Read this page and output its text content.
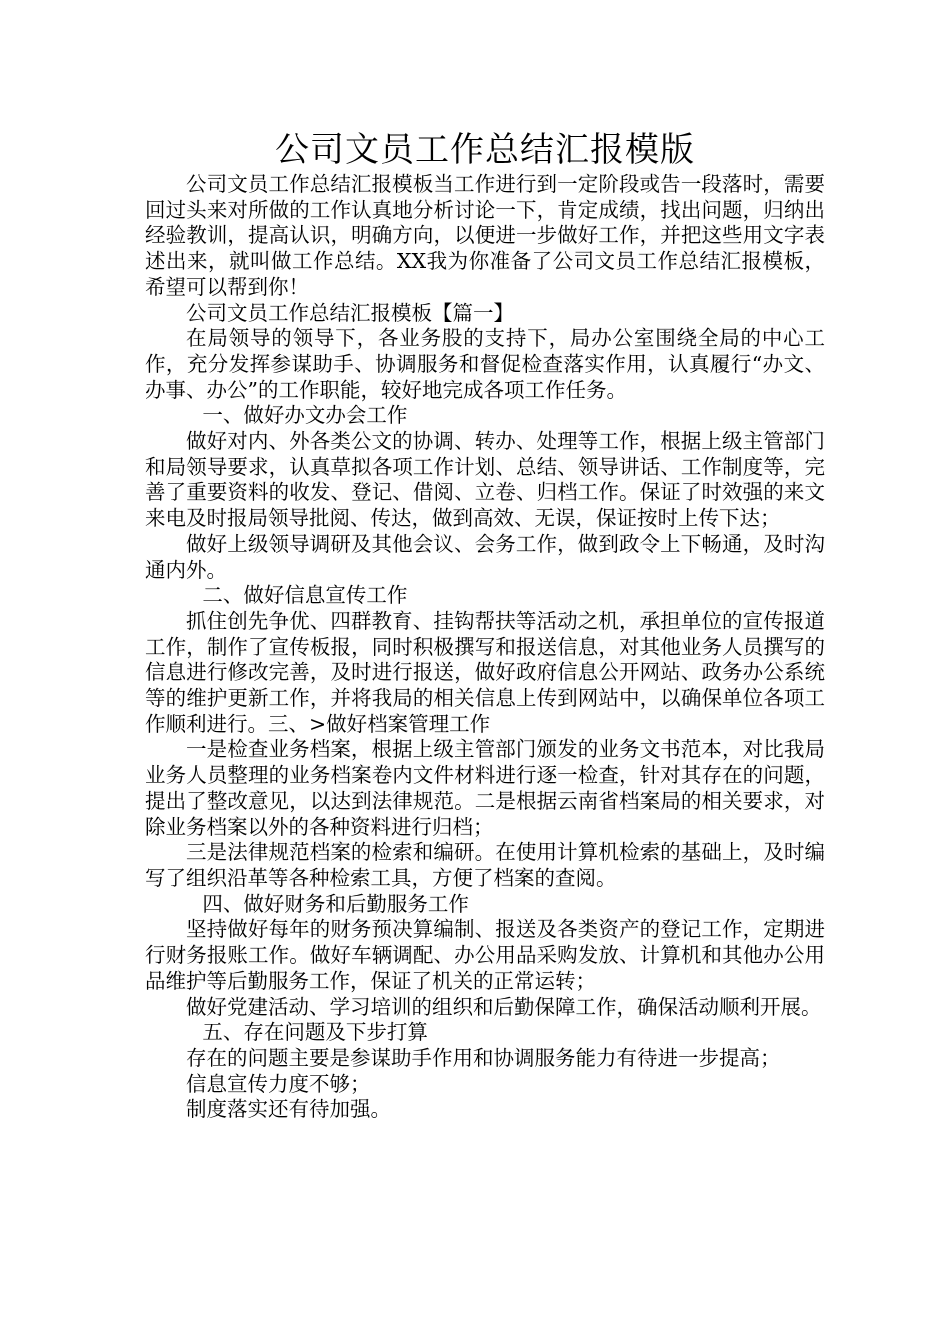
公司文员工作总结汇报模版

公司文员工作总结汇报模板当工作进行到一定阶段或告一段落时，需要回过头来对所做的工作认真地分析讨论一下，肯定成绩，找出问题，归纳出经验教训，提高认识，明确方向，以便进一步做好工作，并把这些用文字表述出来，就叫做工作总结。XX我为你准备了公司文员工作总结汇报模板，希望可以帮到你！

公司文员工作总结汇报模板【篇一】

在局领导的领导下，各业务股的支持下，局办公室围绕全局的中心工作，充分发挥参谋助手、协调服务和督促检查落实作用，认真履行“办文、办事、办公”的工作职能，较好地完成各项工作任务。

一、做好办文办会工作

做好对内、外各类公文的协调、转办、处理等工作，根据上级主管部门和局领导要求，认真草拟各项工作计划、总结、领导讲话、工作制度等，完善了重要资料的收发、登记、借阅、立卷、归档工作。保证了时效强的来文来电及时报局领导批阅、传达，做到高效、无误，保证按时上传下达；

做好上级领导调研及其他会议、会务工作，做到政令上下畅通，及时沟通内外。

二、做好信息宣传工作

抓住创先争优、四群教育、挂钩帮扶等活动之机，承担单位的宣传报道工作，制作了宣传板报，同时积极撰写和报送信息，对其他业务人员撰写的信息进行修改完善，及时进行报送，做好政府信息公开网站、政务办公系统等的维护更新工作，并将我局的相关信息上传到网站中，以确保单位各项工作顺利进行。三、>做好档案管理工作

一是检查业务档案，根据上级主管部门颁发的业务文书范本，对比我局业务人员整理的业务档案卷内文件材料进行逐一检查，针对其存在的问题，提出了整改意见，以达到法律规范。二是根据云南省档案局的相关要求，对除业务档案以外的各种资料进行归档；

三是法律规范档案的检索和编研。在使用计算机检索的基础上，及时编写了组织沿革等各种检索工具，方便了档案的查阅。

四、做好财务和后勤服务工作

坚持做好每年的财务预决算编制、报送及各类资产的登记工作，定期进行财务报账工作。做好车辆调配、办公用品采购发放、计算机和其他办公用品维护等后勤服务工作，保证了机关的正常运转；

做好党建活动、学习培训的组织和后勤保障工作，确保活动顺利开展。

五、存在问题及下步打算

存在的问题主要是参谋助手作用和协调服务能力有待进一步提高；

信息宣传力度不够；

制度落实还有待加强。
